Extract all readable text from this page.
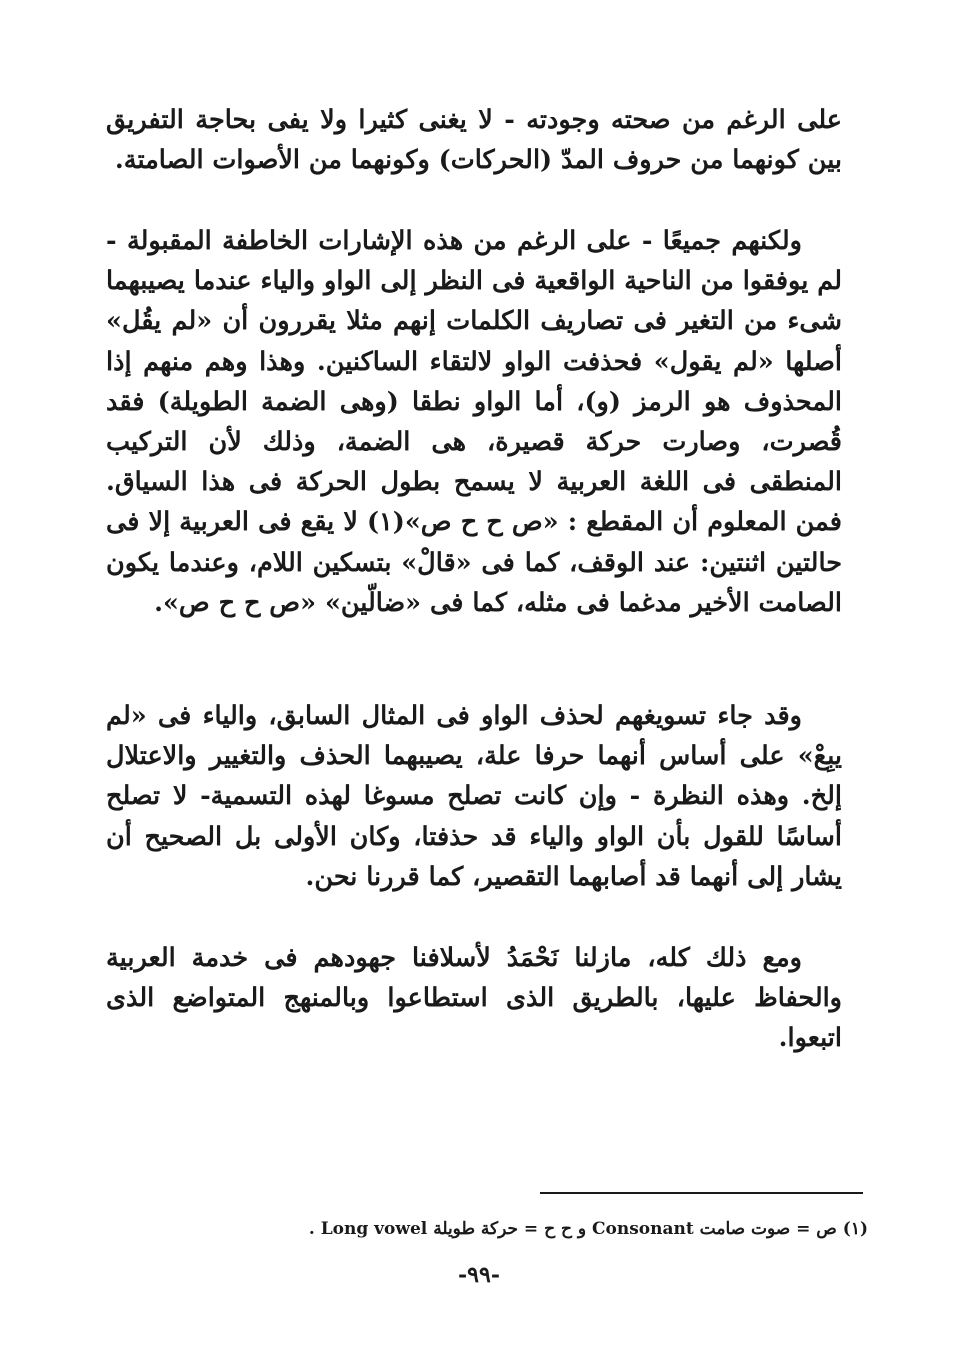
على الرغم من صحته وجودته - لا يغنى كثيرا ولا يفى بحاجة التفريق بين كونهما من حروف المدّ (الحركات) وكونهما من الأصوات الصامتة.
ولكنهم جميعًا - على الرغم من هذه الإشارات الخاطفة المقبولة - لم يوفقوا من الناحية الواقعية فى النظر إلى الواو والياء عندما يصيبهما شىء من التغير فى تصاريف الكلمات إنهم مثلا يقررون أن «لم يقُل» أصلها «لم يقول» فحذفت الواو لالتقاء الساكنين. وهذا وهم منهم إذا المحذوف هو الرمز (و)، أما الواو نطقا (وهى الضمة الطويلة) فقد قُصرت، وصارت حركة قصيرة، هى الضمة، وذلك لأن التركيب المنطقى فى اللغة العربية لا يسمح بطول الحركة فى هذا السياق. فمن المعلوم أن المقطع : «ص ح ح ص»(١) لا يقع فى العربية إلا فى حالتين اثنتين: عند الوقف، كما فى «قالْ» بتسكين اللام، وعندما يكون الصامت الأخير مدغما فى مثله، كما فى «ضالّين» «ص ح ح ص».
وقد جاء تسويغهم لحذف الواو فى المثال السابق، والياء فى «لم يبِعْ» على أساس أنهما حرفا علة، يصيبهما الحذف والتغيير والاعتلال إلخ. وهذه النظرة - وإن كانت تصلح مسوغا لهذه التسمية- لا تصلح أساسًا للقول بأن الواو والياء قد حذفتا، وكان الأولى بل الصحيح أن يشار إلى أنهما قد أصابهما التقصير، كما قررنا نحن.
ومع ذلك كله، مازلنا نَحْمَدُ لأسلافنا جهودهم فى خدمة العربية والحفاظ عليها، بالطريق الذى استطاعوا وبالمنهج المتواضع الذى اتبعوا.
(١) ص = صوت صامت Consonant و ح ح = حركة طويلة Long vowel .
-٩٩-
